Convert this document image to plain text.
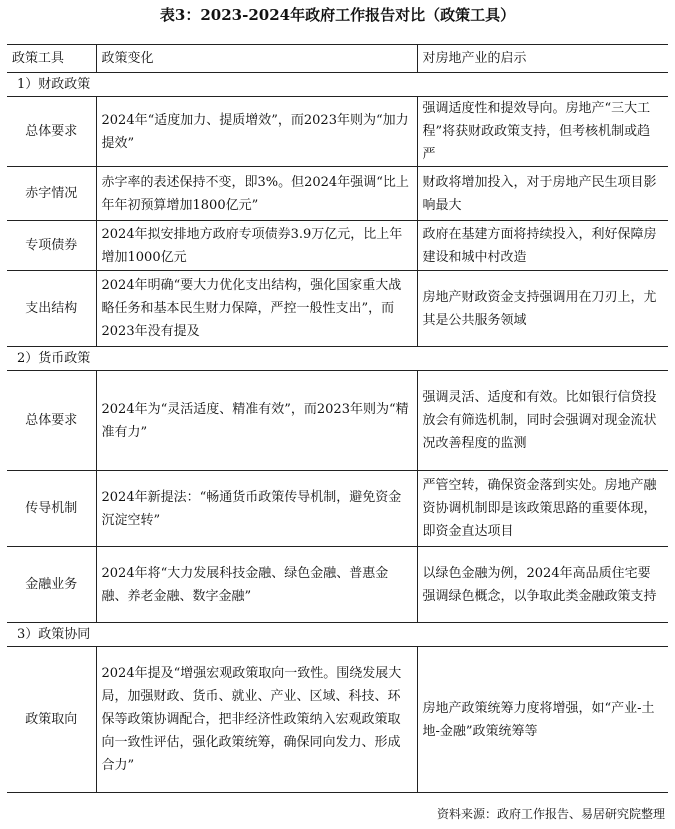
表3：2023-2024年政府工作报告对比（政策工具）
政策工具	政策变化	对房地产业的启示
1）财政政策		
总体要求	2024年“适度加力、提质增效”，而2023年则为“加力提效”	强调适度性和提效导向。房地产“三大工程”将获财政政策支持，但考核机制或趋严
赤字情况	赤字率的表述保持不变，即3%。但2024年强调“比上年年初预算增加1800亿元”	财政将增加投入，对于房地产民生项目影响最大
专项债券	2024年拟安排地方政府专项债券3.9万亿元，比上年增加1000亿元	政府在基建方面将持续投入，利好保障房建设和城中村改造
支出结构	2024年明确“要大力优化支出结构，强化国家重大战略任务和基本民生财力保障，严控一般性支出”，而2023年没有提及	房地产财政资金支持强调用在刀刃上，尤其是公共服务领域
2）货币政策		
总体要求	2024年为“灵活适度、精准有效”，而2023年则为“精准有力”	强调灵活、适度和有效。比如银行信贷投放会有筛选机制，同时会强调对现金流状况改善程度的监测
传导机制	2024年新提法：“畅通货币政策传导机制，避免资金沉淀空转”	严管空转，确保资金落到实处。房地产融资协调机制即是该政策思路的重要体现，即资金直达项目
金融业务	2024年将“大力发展科技金融、绿色金融、普惠金融、养老金融、数字金融”	以绿色金融为例，2024年高品质住宅要强调绿色概念，以争取此类金融政策支持
3）政策协同		
政策取向	2024年提及“增强宏观政策取向一致性。围绕发展大局，加强财政、货币、就业、产业、区域、科技、环保等政策协调配合，把非经济性政策纳入宏观政策取向一致性评估，强化政策统筹，确保同向发力、形成合力”	房地产政策统筹力度将增强，如“产业-土地-金融”政策统筹等
资料来源：政府工作报告、易居研究院整理
